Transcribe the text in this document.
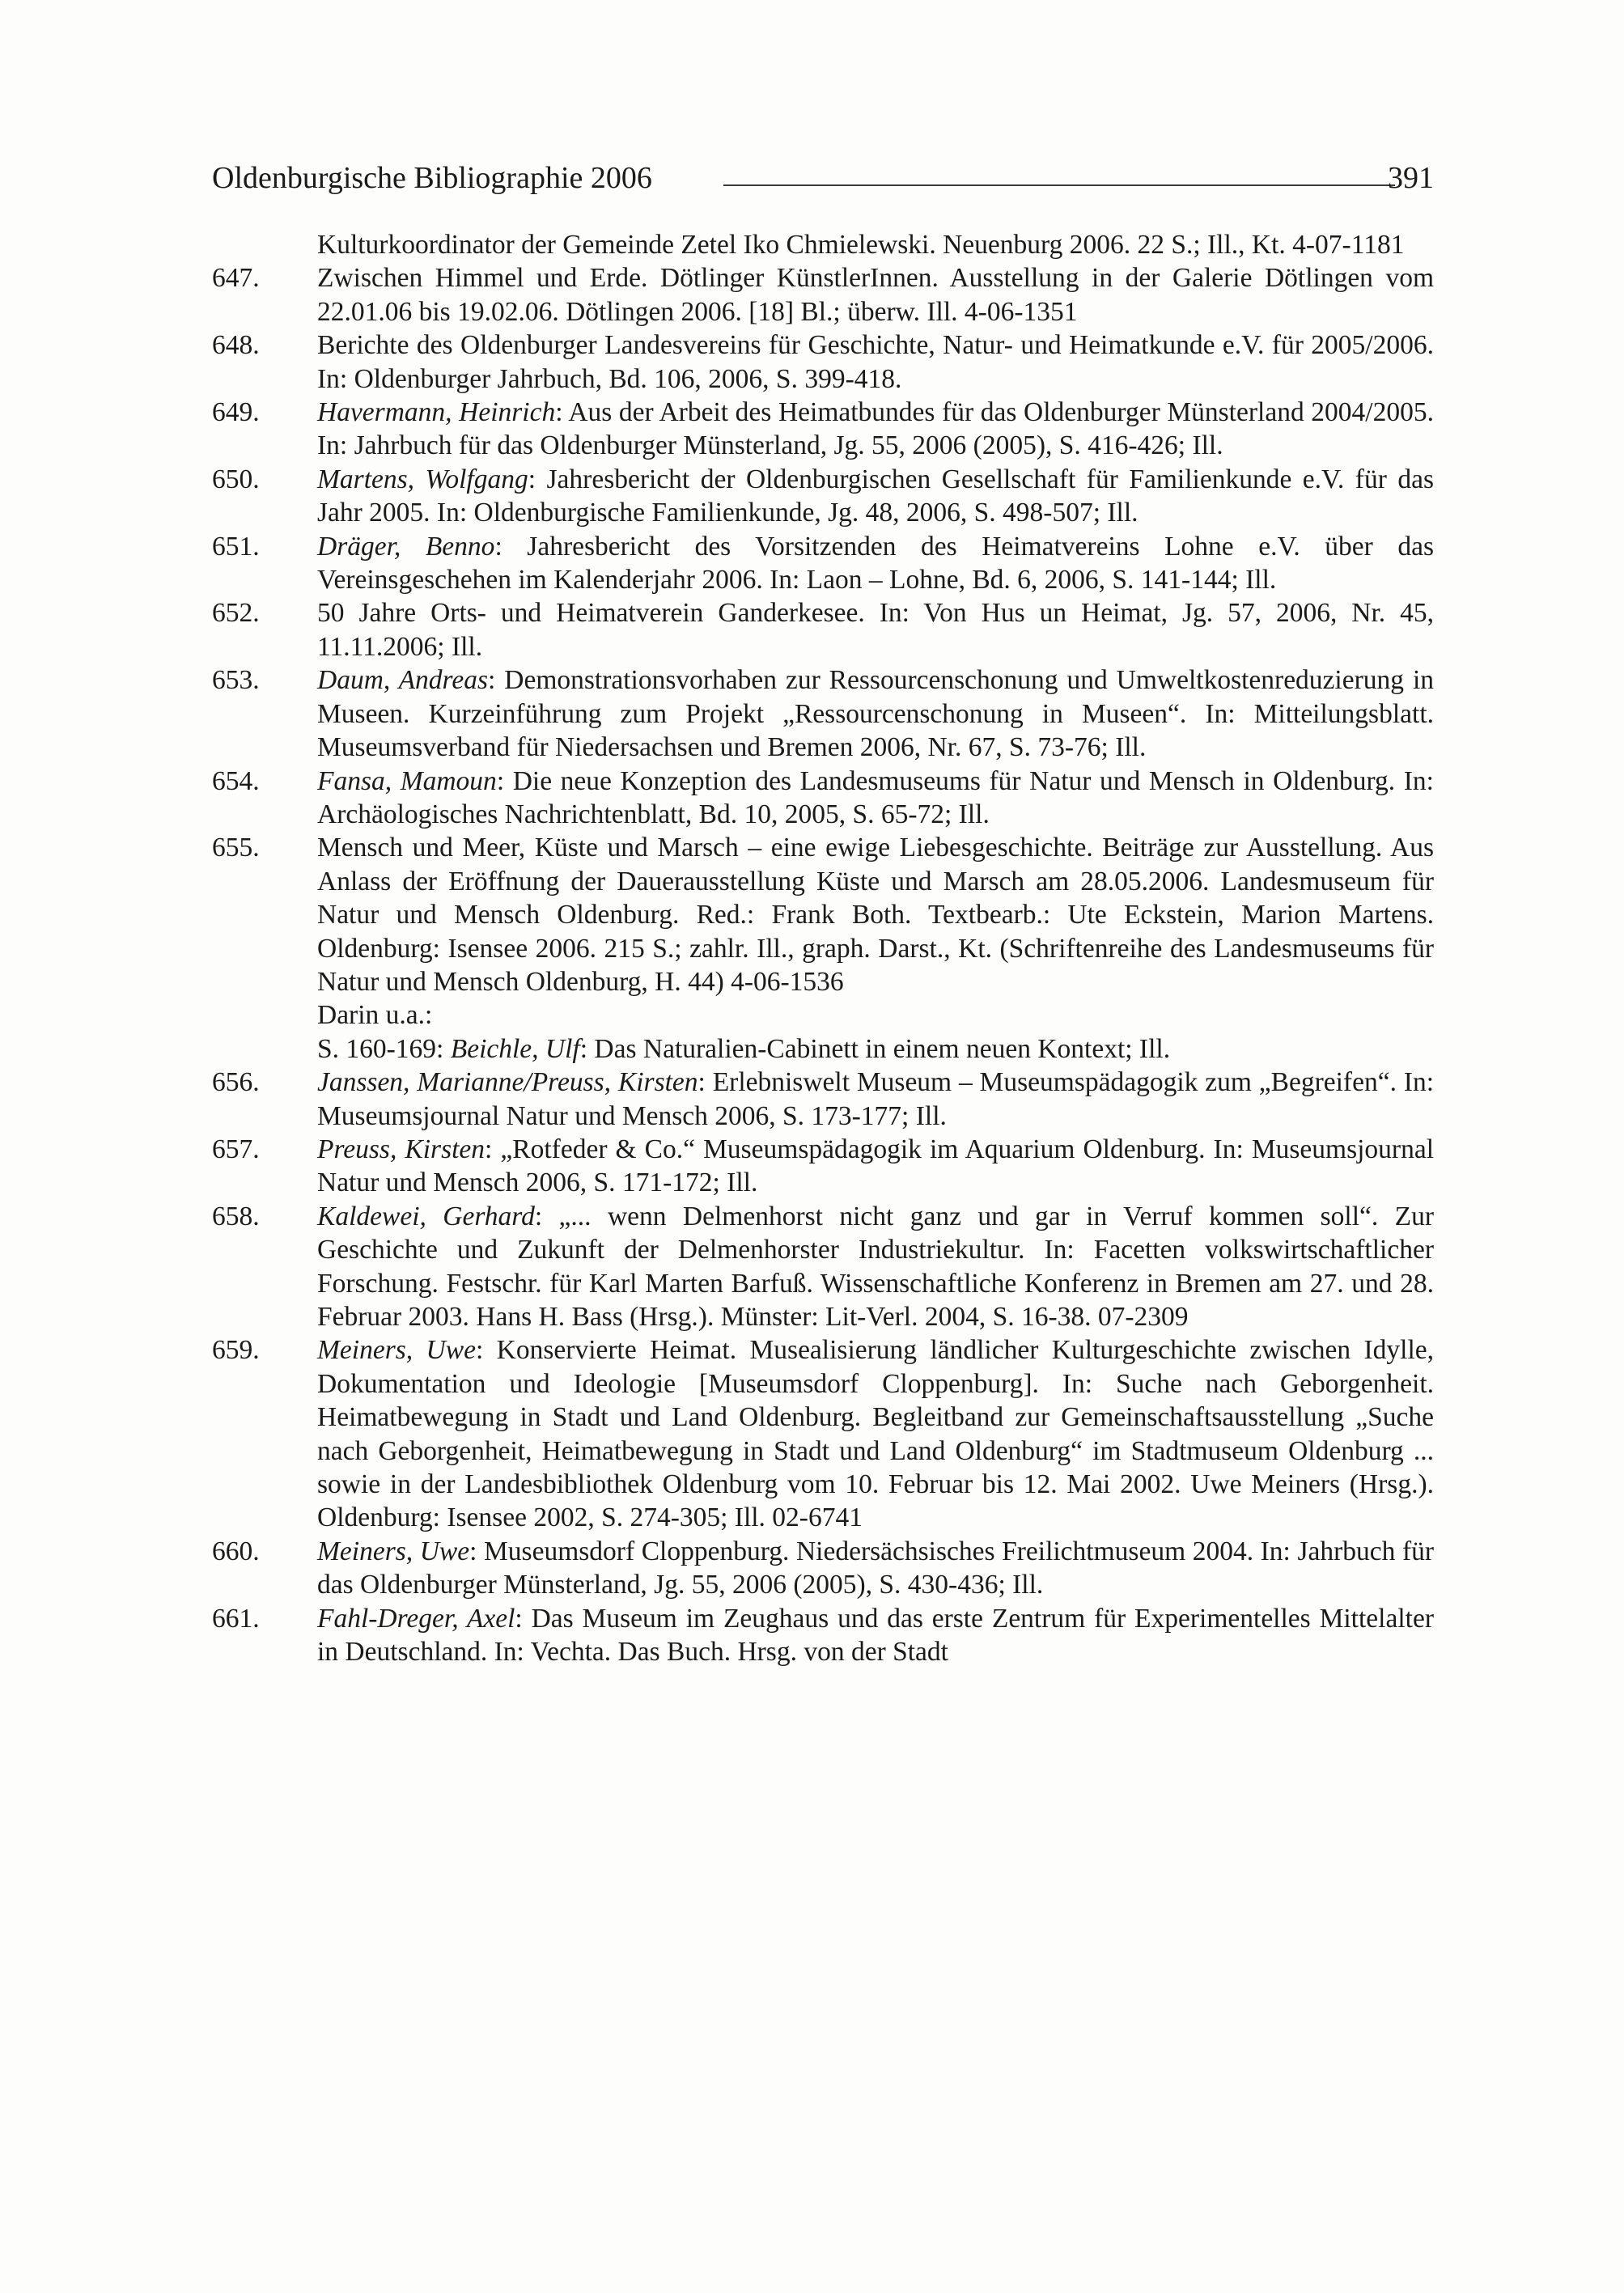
Oldenburgische Bibliographie 2006	391

Kulturkoordinator der Gemeinde Zetel Iko Chmielewski. Neuenburg 2006. 22 S.; Ill., Kt. 4-07-1181

647. Zwischen Himmel und Erde. Dötlinger KünstlerInnen. Ausstellung in der Galerie Dötlingen vom 22.01.06 bis 19.02.06. Dötlingen 2006. [18] Bl.; überw. Ill. 4-06-1351

648. Berichte des Oldenburger Landesvereins für Geschichte, Natur- und Heimatkunde e.V. für 2005/2006. In: Oldenburger Jahrbuch, Bd. 106, 2006, S. 399-418.

649. Havermann, Heinrich: Aus der Arbeit des Heimatbundes für das Oldenburger Münsterland 2004/2005. In: Jahrbuch für das Oldenburger Münsterland, Jg. 55, 2006 (2005), S. 416-426; Ill.

650. Martens, Wolfgang: Jahresbericht der Oldenburgischen Gesellschaft für Familienkunde e.V. für das Jahr 2005. In: Oldenburgische Familienkunde, Jg. 48, 2006, S. 498-507; Ill.

651. Dräger, Benno: Jahresbericht des Vorsitzenden des Heimatvereins Lohne e.V. über das Vereinsgeschehen im Kalenderjahr 2006. In: Laon – Lohne, Bd. 6, 2006, S. 141-144; Ill.

652. 50 Jahre Orts- und Heimatverein Ganderkesee. In: Von Hus un Heimat, Jg. 57, 2006, Nr. 45, 11.11.2006; Ill.

653. Daum, Andreas: Demonstrationsvorhaben zur Ressourcenschonung und Umweltkostenreduzierung in Museen. Kurzeinführung zum Projekt „Ressourcenschonung in Museen“. In: Mitteilungsblatt. Museumsverband für Niedersachsen und Bremen 2006, Nr. 67, S. 73-76; Ill.

654. Fansa, Mamoun: Die neue Konzeption des Landesmuseums für Natur und Mensch in Oldenburg. In: Archäologisches Nachrichtenblatt, Bd. 10, 2005, S. 65-72; Ill.

655. Mensch und Meer, Küste und Marsch – eine ewige Liebesgeschichte. Beiträge zur Ausstellung. Aus Anlass der Eröffnung der Dauerausstellung Küste und Marsch am 28.05.2006. Landesmuseum für Natur und Mensch Oldenburg. Red.: Frank Both. Textbearb.: Ute Eckstein, Marion Martens. Oldenburg: Isensee 2006. 215 S.; zahlr. Ill., graph. Darst., Kt. (Schriftenreihe des Landesmuseums für Natur und Mensch Oldenburg, H. 44) 4-06-1536

Darin u.a.:

S. 160-169: Beichle, Ulf: Das Naturalien-Cabinett in einem neuen Kontext; Ill.

656. Janssen, Marianne/Preuss, Kirsten: Erlebniswelt Museum – Museumspädagogik zum „Begreifen“. In: Museumsjournal Natur und Mensch 2006, S. 173-177; Ill.

657. Preuss, Kirsten: „Rotfeder & Co.“ Museumspädagogik im Aquarium Oldenburg. In: Museumsjournal Natur und Mensch 2006, S. 171-172; Ill.

658. Kaldewei, Gerhard: „... wenn Delmenhorst nicht ganz und gar in Verruf kommen soll“. Zur Geschichte und Zukunft der Delmenhorster Industriekultur. In: Facetten volkswirtschaftlicher Forschung. Festschr. für Karl Marten Barfuß. Wissenschaftliche Konferenz in Bremen am 27. und 28. Februar 2003. Hans H. Bass (Hrsg.). Münster: Lit-Verl. 2004, S. 16-38. 07-2309

659. Meiners, Uwe: Konservierte Heimat. Musealisierung ländlicher Kulturgeschichte zwischen Idylle, Dokumentation und Ideologie [Museumsdorf Cloppenburg]. In: Suche nach Geborgenheit. Heimatbewegung in Stadt und Land Oldenburg. Begleitband zur Gemeinschaftsausstellung „Suche nach Geborgenheit, Heimatbewegung in Stadt und Land Oldenburg“ im Stadtmuseum Oldenburg ... sowie in der Landesbibliothek Oldenburg vom 10. Februar bis 12. Mai 2002. Uwe Meiners (Hrsg.). Oldenburg: Isensee 2002, S. 274-305; Ill. 02-6741

660. Meiners, Uwe: Museumsdorf Cloppenburg. Niedersächsisches Freilichtmuseum 2004. In: Jahrbuch für das Oldenburger Münsterland, Jg. 55, 2006 (2005), S. 430-436; Ill.

661. Fahl-Dreger, Axel: Das Museum im Zeughaus und das erste Zentrum für Experimentelles Mittelalter in Deutschland. In: Vechta. Das Buch. Hrsg. von der Stadt
